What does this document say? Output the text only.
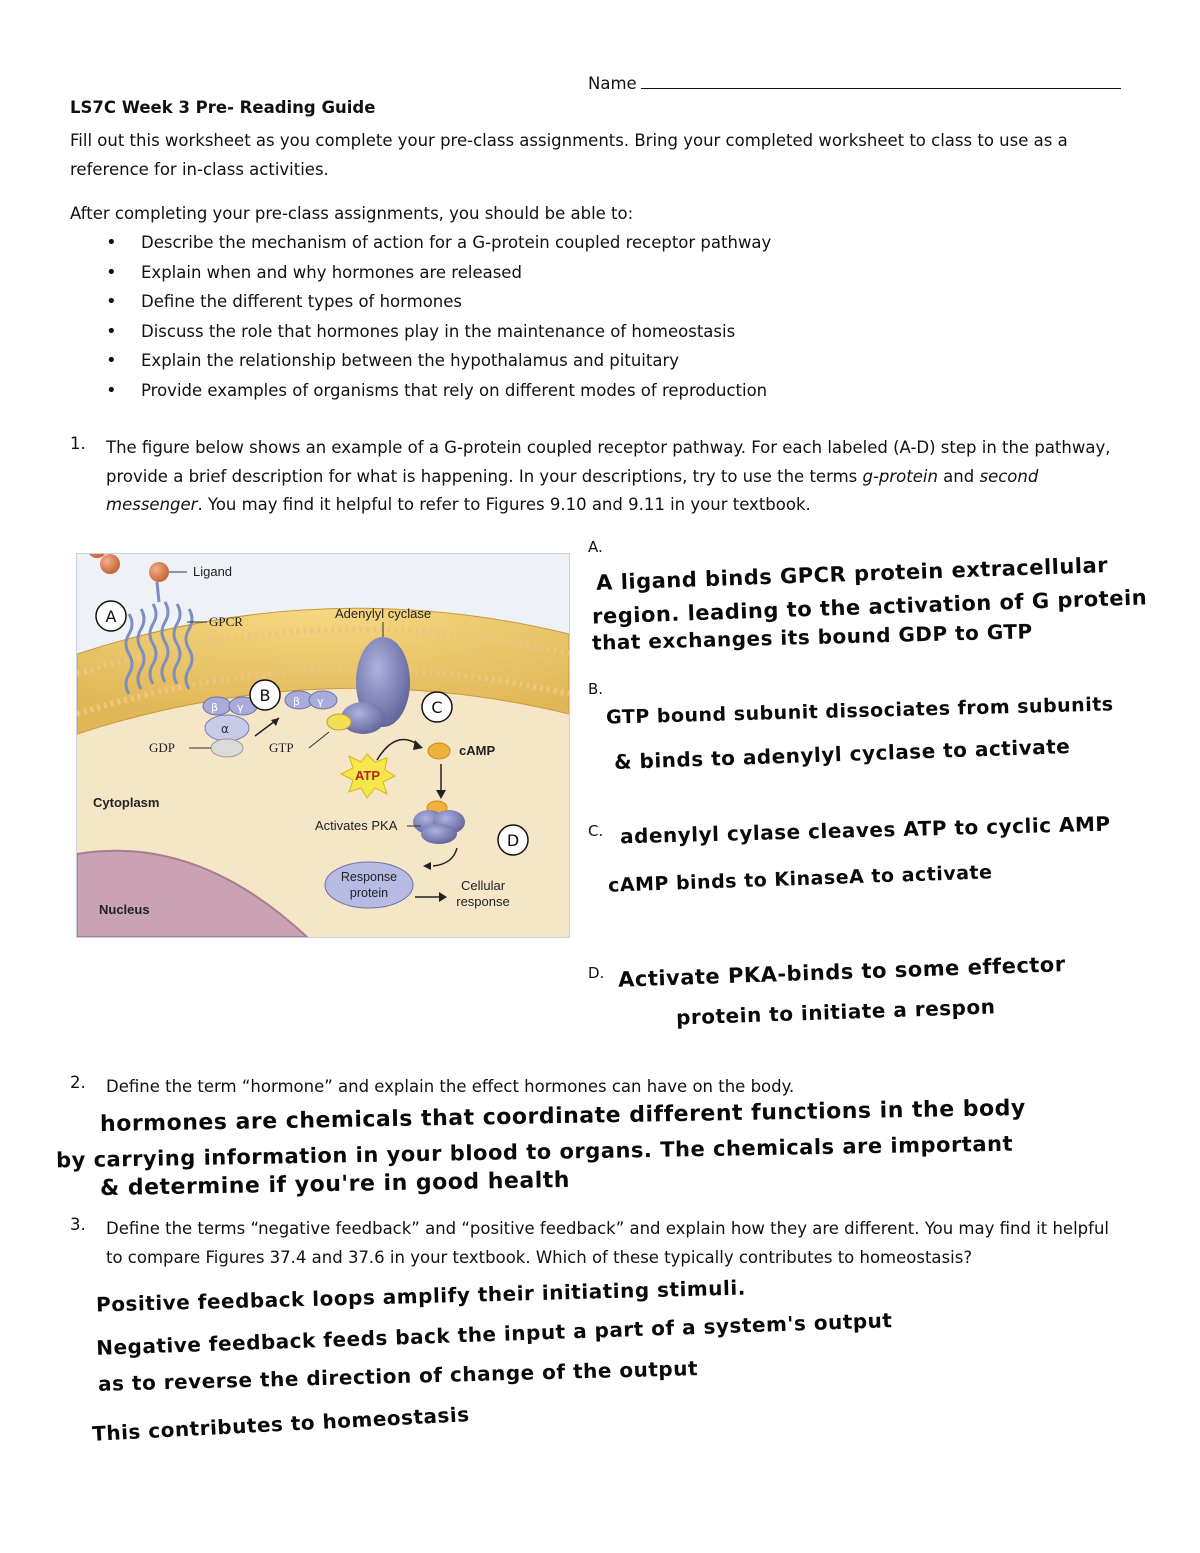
Name
LS7C Week 3 Pre- Reading Guide
Fill out this worksheet as you complete your pre-class assignments. Bring your completed worksheet to class to use as a reference for in-class activities.
After completing your pre-class assignments, you should be able to:
• Describe the mechanism of action for a G-protein coupled receptor pathway
• Explain when and why hormones are released
• Define the different types of hormones
• Discuss the role that hormones play in the maintenance of homeostasis
• Explain the relationship between the hypothalamus and pituitary
• Provide examples of organisms that rely on different modes of reproduction
1. The figure below shows an example of a G-protein coupled receptor pathway. For each labeled (A-D) step in the pathway, provide a brief description for what is happening. In your descriptions, try to use the terms g-protein and second messenger. You may find it helpful to refer to Figures 9.10 and 9.11 in your textbook.

Ligand
GPCR
Adenylyl cyclase
β γ
α
GDP
β γ
GTP
ATP
cAMP
Activates PKA
Response
protein	Cellular
response
Cytoplasm
Nucleus
A
B
C
D
A.
A ligand binds GPCR protein extracellular
region. leading to the activation of G protein
that exchanges its bound GDP to GTP
B.
GTP bound subunit dissociates from subunits
& binds to adenylyl cyclase to activate
C. adenylyl cylase cleaves ATP to cyclic AMP
cAMP binds to KinaseA to activate
D. Activate PKA-binds to some effector
protein to initiate a respon
2. Define the term “hormone” and explain the effect hormones can have on the body.

hormones are chemicals that coordinate different functions in the body
by carrying information in your blood to organs. The chemicals are important
& determine if you're in good health
3. Define the terms “negative feedback” and “positive feedback” and explain how they are different. You may find it helpful to compare Figures 37.4 and 37.6 in your textbook. Which of these typically contributes to homeostasis?

Positive feedback loops amplify their initiating stimuli.
Negative feedback feeds back the input a part of a system's output
as to reverse the direction of change of the output
This contributes to homeostasis
